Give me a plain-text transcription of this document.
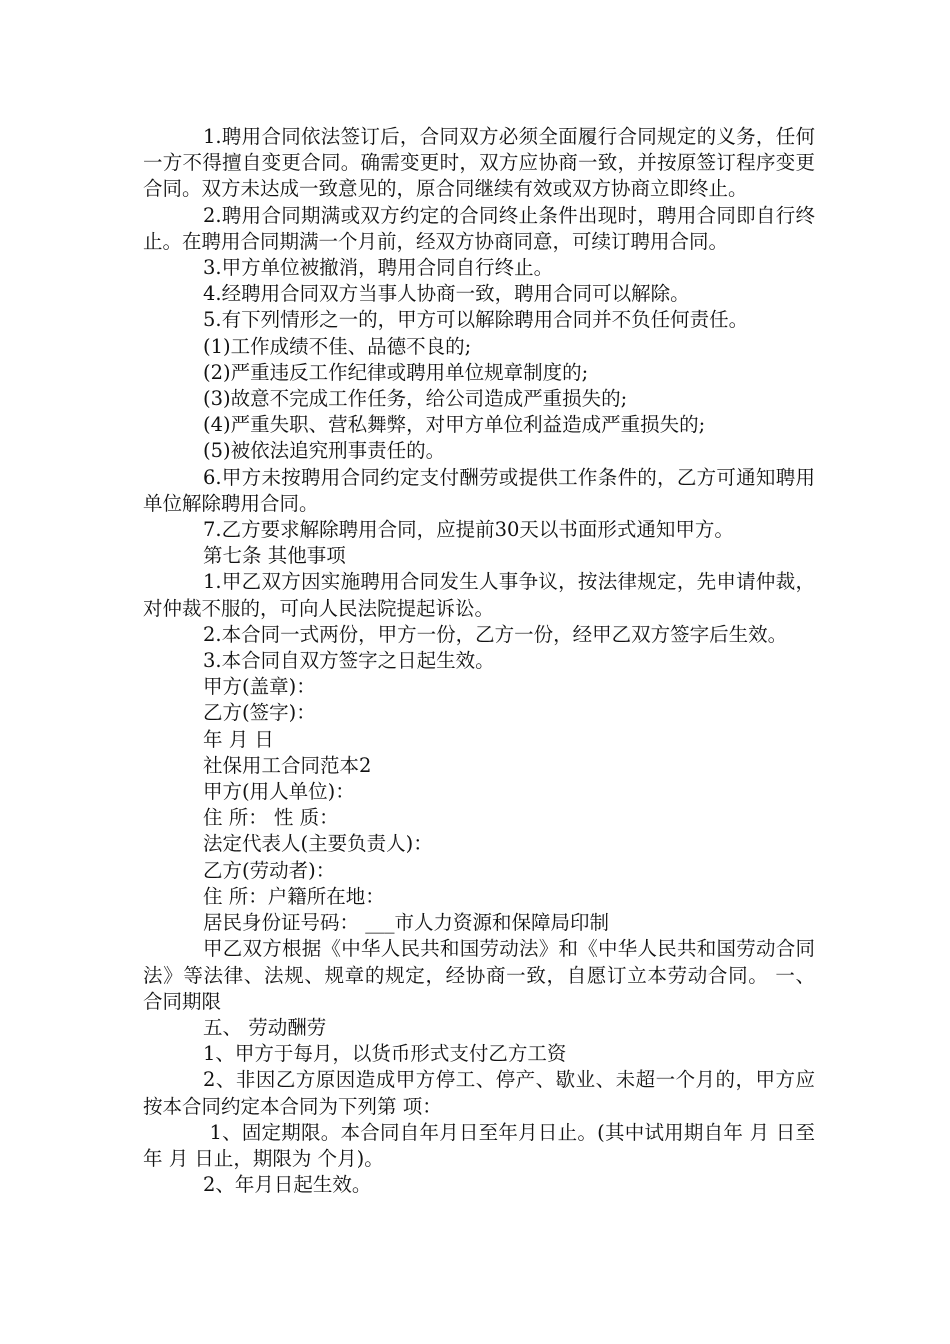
1.聘用合同依法签订后，合同双方必须全面履行合同规定的义务，任何一方不得擅自变更合同。确需变更时，双方应协商一致，并按原签订程序变更合同。双方未达成一致意见的，原合同继续有效或双方协商立即终止。

2.聘用合同期满或双方约定的合同终止条件出现时，聘用合同即自行终止。在聘用合同期满一个月前，经双方协商同意，可续订聘用合同。

3.甲方单位被撤消，聘用合同自行终止。

4.经聘用合同双方当事人协商一致，聘用合同可以解除。

5.有下列情形之一的，甲方可以解除聘用合同并不负任何责任。

(1)工作成绩不佳、品德不良的;

(2)严重违反工作纪律或聘用单位规章制度的;

(3)故意不完成工作任务，给公司造成严重损失的;

(4)严重失职、营私舞弊，对甲方单位利益造成严重损失的;

(5)被依法追究刑事责任的。

6.甲方未按聘用合同约定支付酬劳或提供工作条件的，乙方可通知聘用单位解除聘用合同。

7.乙方要求解除聘用合同，应提前30天以书面形式通知甲方。

第七条 其他事项

1.甲乙双方因实施聘用合同发生人事争议，按法律规定，先申请仲裁，对仲裁不服的，可向人民法院提起诉讼。

2.本合同一式两份，甲方一份，乙方一份，经甲乙双方签字后生效。

3.本合同自双方签字之日起生效。

甲方(盖章)：

乙方(签字)：

年 月 日

社保用工合同范本2

甲方(用人单位)：

住 所： 性 质：

法定代表人(主要负责人)：

乙方(劳动者)：

住 所：户籍所在地：

居民身份证号码： ___市人力资源和保障局印制

甲乙双方根据《中华人民共和国劳动法》和《中华人民共和国劳动合同法》等法律、法规、规章的规定，经协商一致，自愿订立本劳动合同。 一、 合同期限

五、 劳动酬劳

1、甲方于每月，以货币形式支付乙方工资

2、非因乙方原因造成甲方停工、停产、歇业、未超一个月的，甲方应按本合同约定本合同为下列第 项：

1、固定期限。本合同自年月日至年月日止。(其中试用期自年 月 日至 年 月 日止，期限为 个月)。

2、年月日起生效。
